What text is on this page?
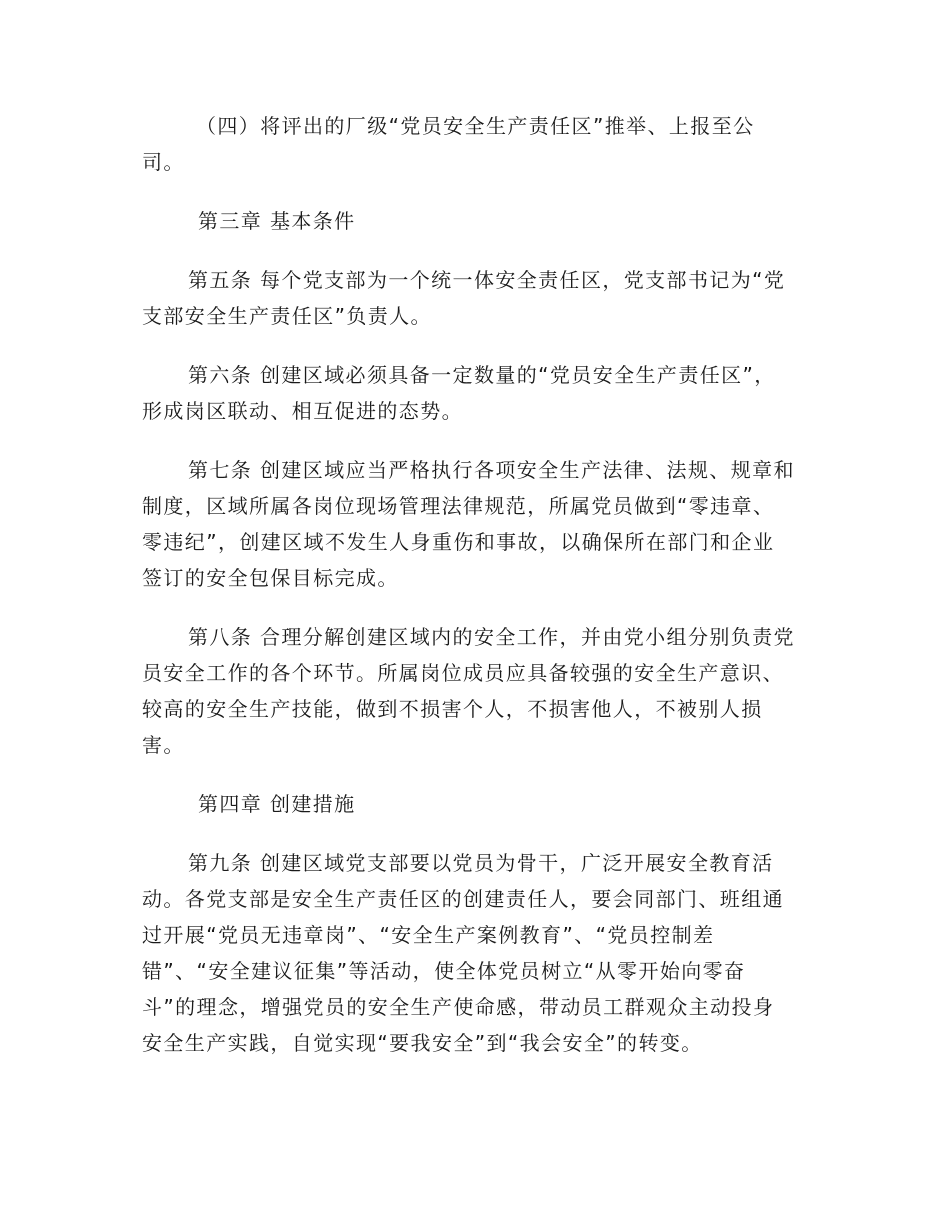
（四）将评出的厂级“党员安全生产责任区”推举、上报至公
司。

第三章 基本条件

第五条 每个党支部为一个统一体安全责任区，党支部书记为“党
支部安全生产责任区”负责人。

第六条 创建区域必须具备一定数量的“党员安全生产责任区”，
形成岗区联动、相互促进的态势。

第七条 创建区域应当严格执行各项安全生产法律、法规、规章和
制度，区域所属各岗位现场管理法律规范，所属党员做到“零违章、
零违纪”，创建区域不发生人身重伤和事故，以确保所在部门和企业
签订的安全包保目标完成。

第八条 合理分解创建区域内的安全工作，并由党小组分别负责党
员安全工作的各个环节。所属岗位成员应具备较强的安全生产意识、
较高的安全生产技能，做到不损害个人，不损害他人，不被别人损
害。

第四章 创建措施

第九条 创建区域党支部要以党员为骨干，广泛开展安全教育活
动。各党支部是安全生产责任区的创建责任人，要会同部门、班组通
过开展“党员无违章岗”、“安全生产案例教育”、“党员控制差
错”、“安全建议征集”等活动，使全体党员树立“从零开始向零奋
斗”的理念，增强党员的安全生产使命感，带动员工群观众主动投身
安全生产实践，自觉实现“要我安全”到“我会安全”的转变。
